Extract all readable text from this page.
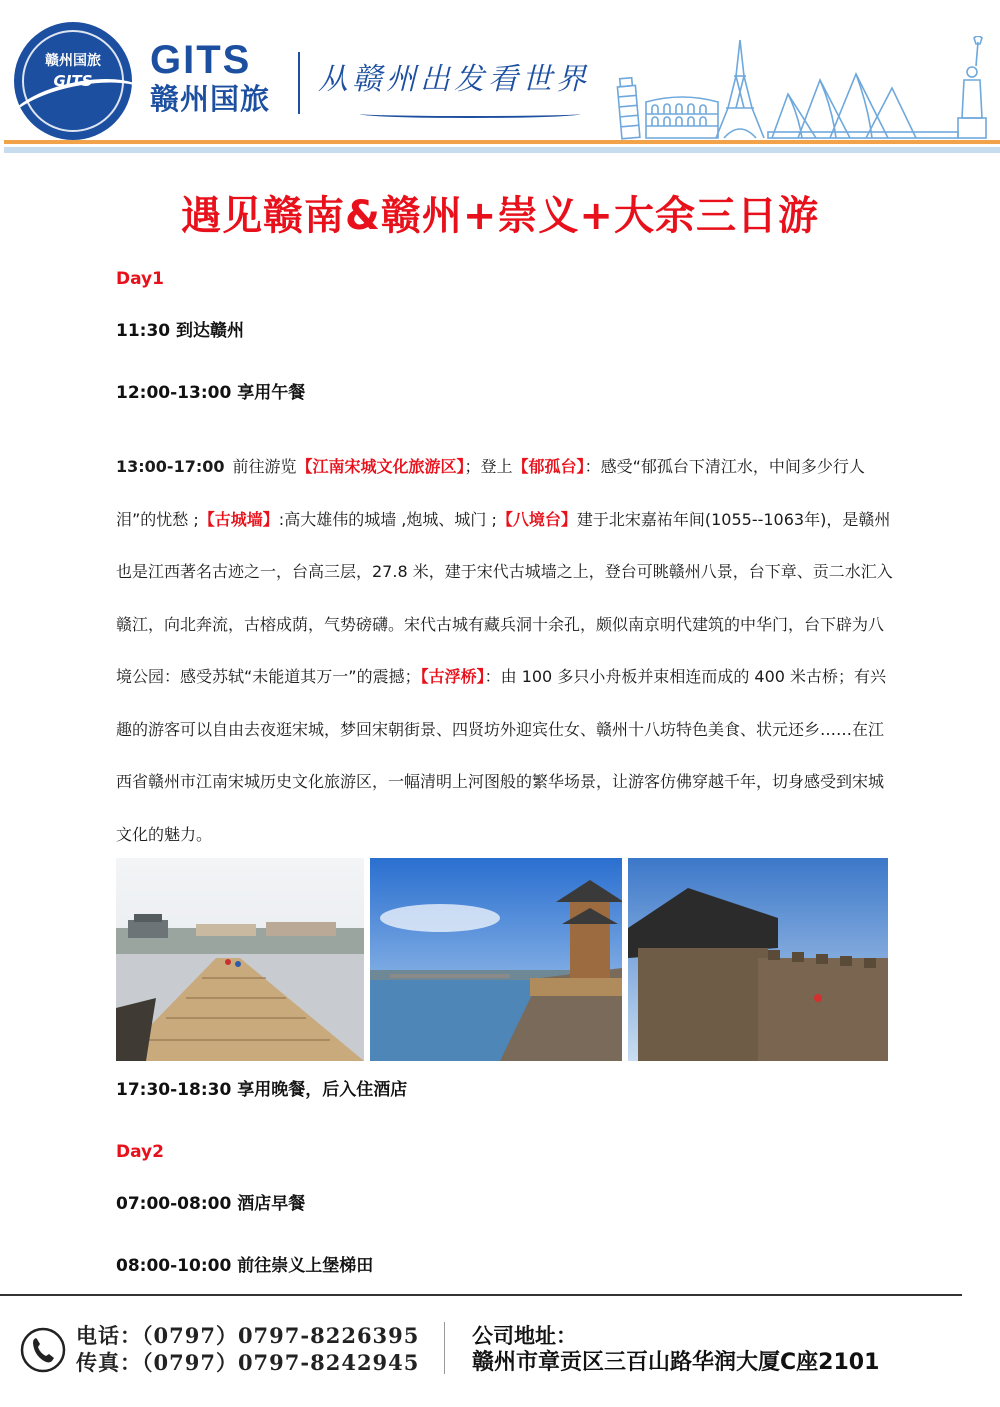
赣州国旅
GITS	GITS
赣州国旅
从赣州出发看世界
遇见赣南&赣州+崇义+大余三日游
Day1
11:30 到达赣州
12:00-13:00 享用午餐

13:00-17:00 前往游览【江南宋城文化旅游区】；登上【郁孤台】：感受“郁孤台下清江水，中间多少行人泪”的忧愁 ;【古城墙】:高大雄伟的城墙 ,炮城、城门 ;【八境台】建于北宋嘉祐年间(1055--1063年)，是赣州也是江西著名古迹之一，台高三层，27.8 米，建于宋代古城墙之上，登台可眺赣州八景，台下章、贡二水汇入赣江，向北奔流，古榕成荫，气势磅礴。宋代古城有藏兵洞十余孔，颇似南京明代建筑的中华门，台下辟为八境公园：感受苏轼“未能道其万一”的震撼；【古浮桥】：由 100 多只小舟板并束相连而成的 400 米古桥；有兴趣的游客可以自由去夜逛宋城，梦回宋朝街景、四贤坊外迎宾仕女、赣州十八坊特色美食、状元还乡……在江西省赣州市江南宋城历史文化旅游区，一幅清明上河图般的繁华场景，让游客仿佛穿越千年，切身感受到宋城文化的魅力。

17:30-18:30 享用晚餐，后入住酒店
Day2
07:00-08:00 酒店早餐
08:00-10:00 前往崇义上堡梯田
电话：（0797）0797-8226395
传真：（0797）0797-8242945
公司地址：
赣州市章贡区三百山路华润大厦C座2101
